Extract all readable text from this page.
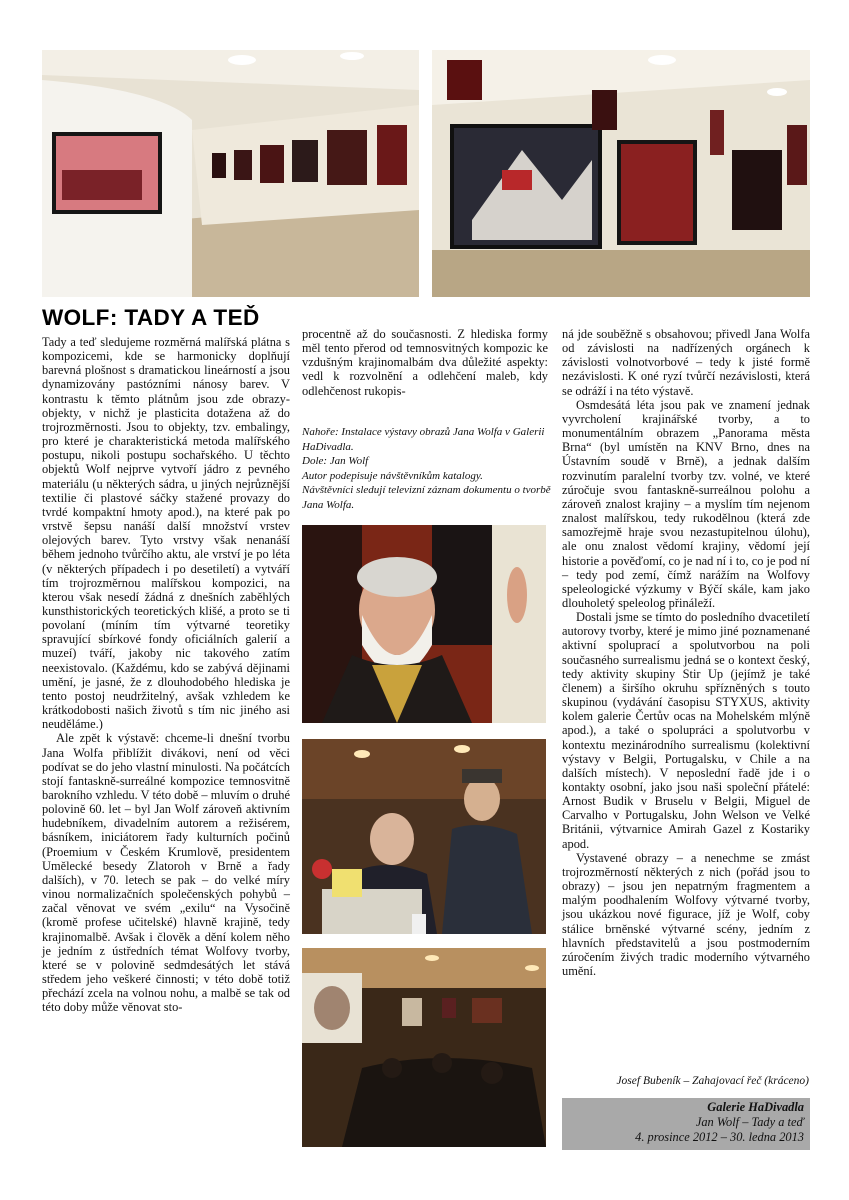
WOLF: TADY A TEĎ

Tady a teď sledujeme rozměrná malířská plátna s kompozicemi, kde se harmonicky doplňují barevná plošnost s dramatickou lineárností a jsou dynamizovány pastózními nánosy barev. V kontrastu k těmto plátnům jsou zde obrazy-objekty, v nichž je plasticita dotažena až do trojrozměrnosti. Jsou to objekty, tzv. embalingy, pro které je charakteristická metoda malířského postupu, nikoli postupu sochařského. U těchto objektů Wolf nejprve vytvoří jádro z pevného materiálu (u některých sádra, u jiných nejrůznější textilie či plastové sáčky stažené provazy do tvrdé kompaktní hmoty apod.), na které pak po vrstvě šepsu nanáší další množství vrstev olejových barev. Tyto vrstvy však nenanáší během jednoho tvůrčího aktu, ale vrství je po léta (v některých případech i po desetiletí) a vytváří tím trojrozměrnou malířskou kompozici, na kterou však nesedí žádná z dnešních zaběhlých kunsthistorických teoretických klišé, a proto se ti povolaní (míním tím výtvarné teoretiky spravující sbírkové fondy oficiálních galerií a muzeí) tváří, jakoby nic takového zatím neexistovalo. (Každému, kdo se zabývá dějinami umění, je jasné, že z dlouhodobého hlediska je tento postoj neudržitelný, avšak vzhledem ke krátkodobosti našich životů s tím nic jiného asi neuděláme.)

Ale zpět k výstavě: chceme-li dnešní tvorbu Jana Wolfa přiblížit divákovi, není od věci podívat se do jeho vlastní minulosti. Na počátcích stojí fantaskně-surreálné kompozice temnosvitně barokního vzhledu. V této době – mluvím o druhé polovině 60. let – byl Jan Wolf zároveň aktivním hudebníkem, divadelním autorem a režisérem, básníkem, iniciátorem řady kulturních počinů (Proemium v Českém Krumlově, presidentem Umělecké besedy Zlatoroh v Brně a řady dalších), v 70. letech se pak – do velké míry vinou normalizačních společenských pohybů – začal věnovat ve svém „exilu“ na Vysočině (kromě profese učitelské) hlavně krajině, tedy krajinomalbě. Avšak i člověk a dění kolem něho je jedním z ústředních témat Wolfovy tvorby, které se v polovině sedmdesátých let stává středem jeho veškeré činnosti; v této době totiž přechází zcela na volnou nohu, a malbě se tak od této doby může věnovat sto-

procentně až do současnosti. Z hlediska formy měl tento přerod od temnosvitných kompozic ke vzdušným krajinomalbám dva důležité aspekty: vedl k rozvolnění a odlehčení maleb, kdy odlehčenost rukopis-

Nahoře: Instalace výstavy obrazů Jana Wolfa v Galerii HaDivadla.
Dole: Jan Wolf
Autor podepisuje návštěvníkům katalogy.
Návštěvníci sledují televizní záznam dokumentu o tvorbě Jana Wolfa.

ná jde souběžně s obsahovou; přivedl Jana Wolfa od závislosti na nadřízených orgánech k závislosti volnotvorbové – tedy k jisté formě nezávislosti. K oné ryzí tvůrčí nezávislosti, která se odráží i na této výstavě.

Osmdesátá léta jsou pak ve znamení jednak vyvrcholení krajinářské tvorby, a to monumentálním obrazem „Panorama města Brna“ (byl umístěn na KNV Brno, dnes na Ústavním soudě v Brně), a jednak dalším rozvinutím paralelní tvorby tzv. volné, ve které zúročuje svou fantaskně-surreálnou polohu a zároveň znalost krajiny – a myslím tím nejenom znalost malířskou, tedy rukodělnou (která zde samozřejmě hraje svou nezastupitelnou úlohu), ale onu znalost vědomí krajiny, vědomí její historie a pověďomí, co je nad ní i to, co je pod ní – tedy pod zemí, čímž narážím na Wolfovy speleologické výzkumy v Býčí skále, kam jako dlouholetý speleolog přináleží.

Dostali jsme se tímto do posledního dvacetiletí autorovy tvorby, které je mimo jiné poznamenané aktivní spoluprací a spolutvorbou na poli současného surrealismu jedná se o kontext český, tedy aktivity skupiny Stir Up (jejímž je také členem) a širšího okruhu spřízněných s touto skupinou (vydávání časopisu STYXUS, aktivity kolem galerie Čertův ocas na Mohelském mlýně apod.), a také o spolupráci a spolutvorbu v kontextu mezinárodního surrealismu (kolektivní výstavy v Belgii, Portugalsku, v Chile a na dalších místech). V neposlední řadě jde i o kontakty osobní, jako jsou naši společní přátelé: Arnost Budik v Bruselu v Belgii, Miguel de Carvalho v Portugalsku, John Welson ve Velké Británii, výtvarnice Amirah Gazel z Kostariky apod.

Vystavené obrazy – a nenechme se zmást trojrozměrností některých z nich (pořád jsou to obrazy) – jsou jen nepatrným fragmentem a malým poodhalením Wolfovy výtvarné tvorby, jsou ukázkou nové figurace, jíž je Wolf, coby stálice brněnské výtvarné scény, jedním z hlavních představitelů a jsou postmoderním zúročením živých tradic moderního výtvarného umění.

Josef Bubeník – Zahajovací řeč (kráceno)

Galerie HaDivadla
Jan Wolf – Tady a teď
4. prosince 2012 – 30. ledna 2013
